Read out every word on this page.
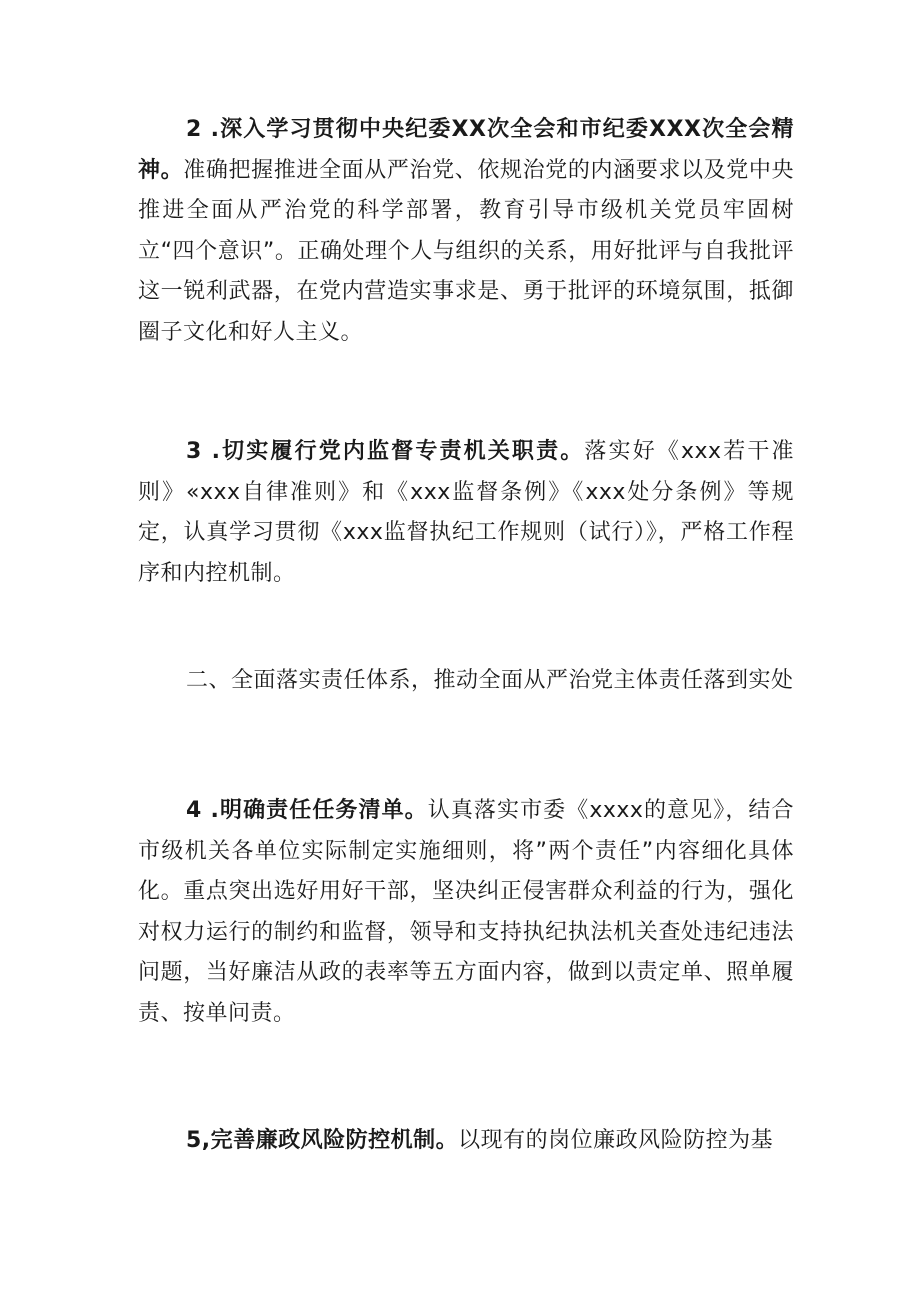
2 .深入学习贯彻中央纪委XX次全会和市纪委XXX次全会精神。准确把握推进全面从严治党、依规治党的内涵要求以及党中央推进全面从严治党的科学部署，教育引导市级机关党员牢固树立“四个意识”。正确处理个人与组织的关系，用好批评与自我批评这一锐利武器，在党内营造实事求是、勇于批评的环境氛围，抵御圈子文化和好人主义。

3 .切实履行党内监督专责机关职责。落实好《xxx若干准则》«xxx自律准则》和《xxx监督条例》《xxx处分条例》等规定，认真学习贯彻《xxx监督执纪工作规则（试行）》，严格工作程序和内控机制。

二、全面落实责任体系，推动全面从严治党主体责任落到实处

4 .明确责任任务清单。认真落实市委《xxxx的意见》，结合市级机关各单位实际制定实施细则，将”两个责任”内容细化具体化。重点突出选好用好干部，坚决纠正侵害群众利益的行为，强化对权力运行的制约和监督，领导和支持执纪执法机关查处违纪违法问题，当好廉洁从政的表率等五方面内容，做到以责定单、照单履责、按单问责。

5,完善廉政风险防控机制。以现有的岗位廉政风险防控为基
